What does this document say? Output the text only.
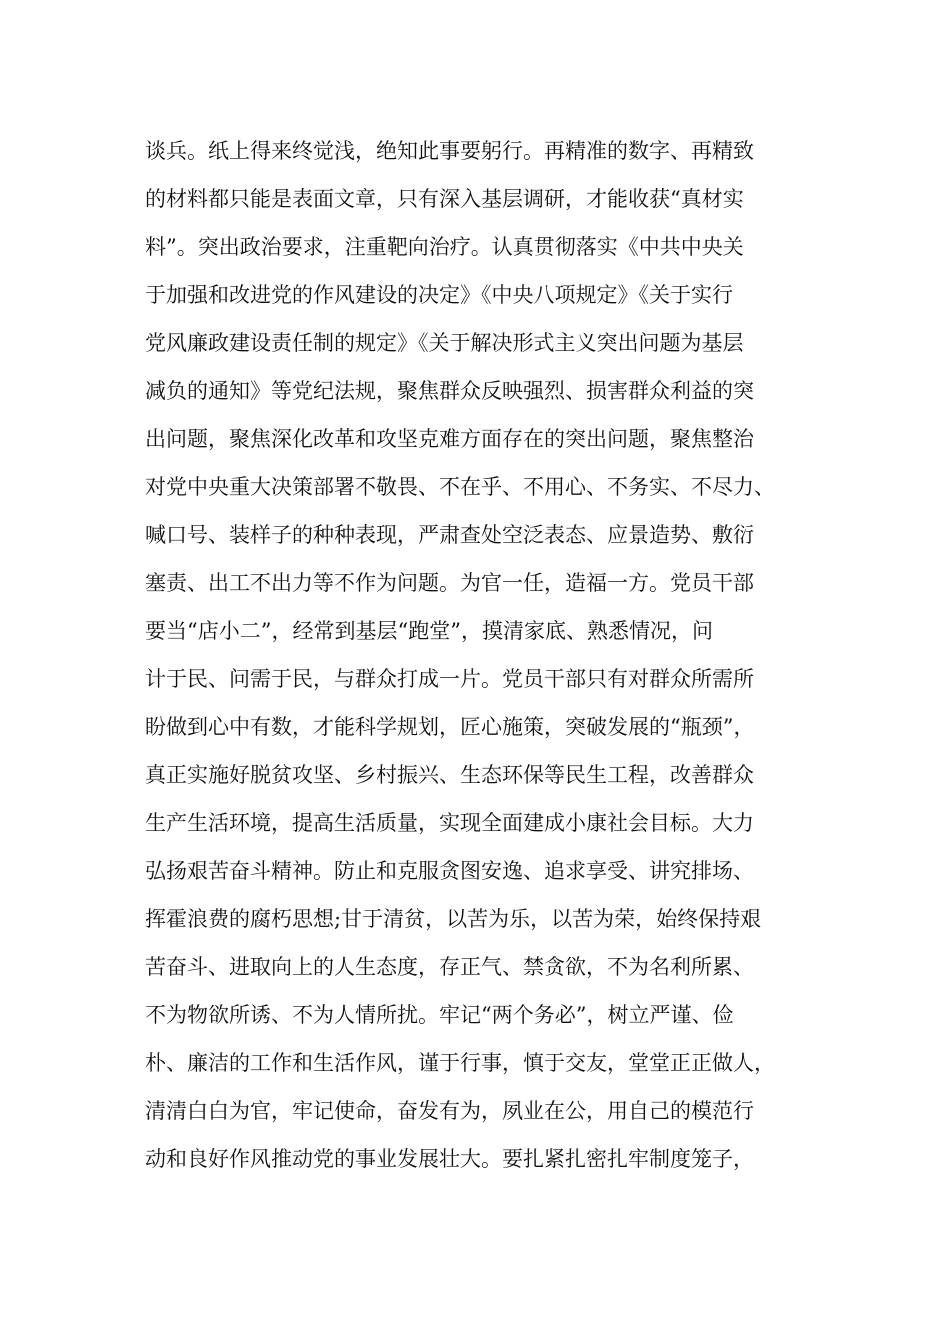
谈兵。纸上得来终觉浅，绝知此事要躬行。再精准的数字、再精致
的材料都只能是表面文章，只有深入基层调研，才能收获“真材实
料”。突出政治要求，注重靶向治疗。认真贯彻落实《中共中央关
于加强和改进党的作风建设的决定》《中央八项规定》《关于实行
党风廉政建设责任制的规定》《关于解决形式主义突出问题为基层
减负的通知》等党纪法规，聚焦群众反映强烈、损害群众利益的突
出问题，聚焦深化改革和攻坚克难方面存在的突出问题，聚焦整治
对党中央重大决策部署不敬畏、不在乎、不用心、不务实、不尽力、
喊口号、装样子的种种表现，严肃查处空泛表态、应景造势、敷衍
塞责、出工不出力等不作为问题。为官一任，造福一方。党员干部
要当“店小二”，经常到基层“跑堂”，摸清家底、熟悉情况，问
计于民、问需于民，与群众打成一片。党员干部只有对群众所需所
盼做到心中有数，才能科学规划，匠心施策，突破发展的“瓶颈”，
真正实施好脱贫攻坚、乡村振兴、生态环保等民生工程，改善群众
生产生活环境，提高生活质量，实现全面建成小康社会目标。大力
弘扬艰苦奋斗精神。防止和克服贪图安逸、追求享受、讲究排场、
挥霍浪费的腐朽思想;甘于清贫，以苦为乐，以苦为荣，始终保持艰
苦奋斗、进取向上的人生态度，存正气、禁贪欲，不为名利所累、
不为物欲所诱、不为人情所扰。牢记“两个务必”，树立严谨、俭
朴、廉洁的工作和生活作风，谨于行事，慎于交友，堂堂正正做人，
清清白白为官，牢记使命，奋发有为，夙业在公，用自己的模范行
动和良好作风推动党的事业发展壮大。要扎紧扎密扎牢制度笼子，
